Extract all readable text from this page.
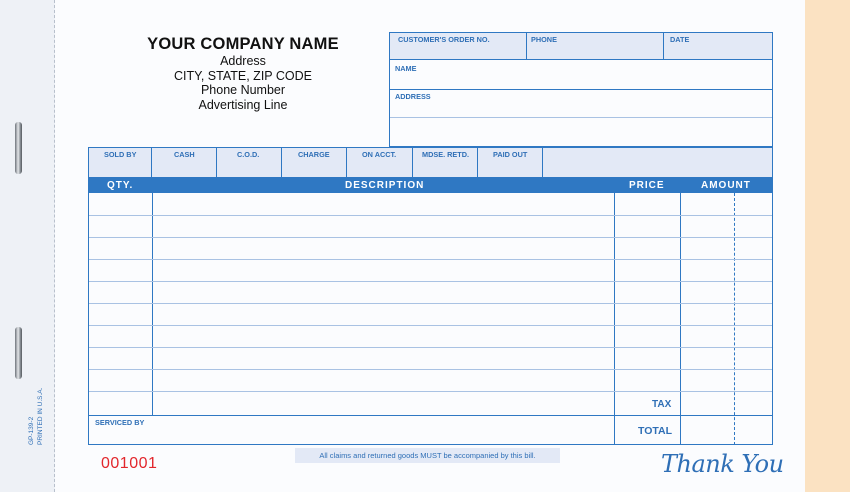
GP-139-2 PRINTED IN U.S.A.
YOUR COMPANY NAME
Address
CITY, STATE, ZIP CODE
Phone Number
Advertising Line
CUSTOMER'S ORDER NO.	PHONE	DATE
NAME
ADDRESS
SOLD BY	CASH	C.O.D.	CHARGE	ON ACCT.	MDSE. RETD.	PAID OUT
QTY.	DESCRIPTION	PRICE	AMOUNT
TAX
TOTAL
SERVICED BY
All claims and returned goods MUST be accompanied by this bill.
001001	Thank You
